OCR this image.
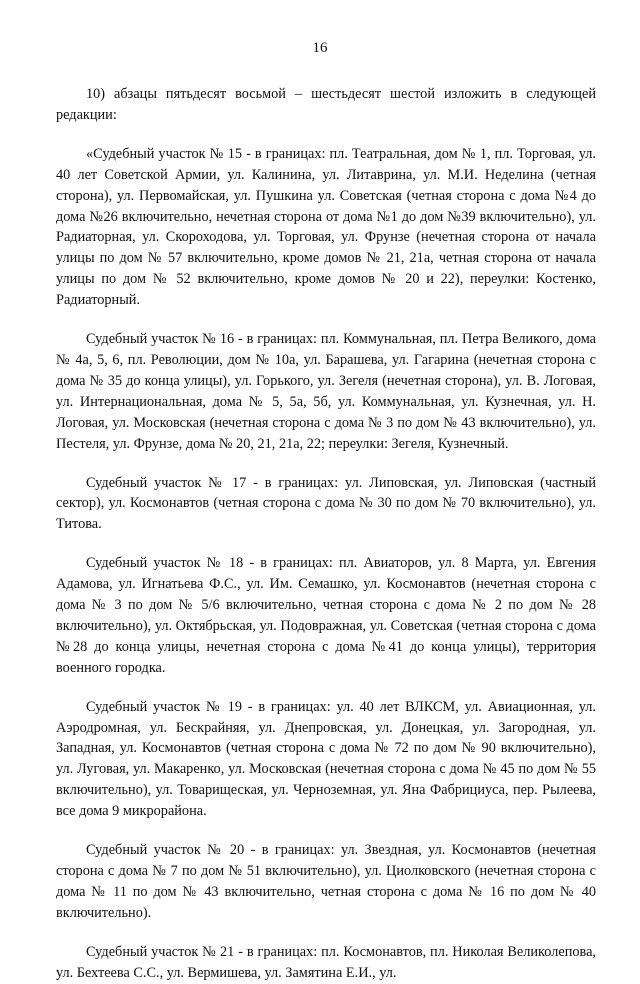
16

10) абзацы пятьдесят восьмой – шестьдесят шестой изложить в следующей редакции:

«Судебный участок № 15 - в границах: пл. Театральная, дом № 1, пл. Торговая, ул. 40 лет Советской Армии, ул. Калинина, ул. Литаврина, ул. М.И. Неделина (четная сторона), ул. Первомайская, ул. Пушкина ул. Советская (четная сторона с дома №4 до дома №26 включительно, нечетная сторона от дома №1 до дом №39 включительно), ул. Радиаторная, ул. Скороходова, ул. Торговая, ул. Фрунзе (нечетная сторона от начала улицы по дом № 57 включительно, кроме домов № 21, 21а, четная сторона от начала улицы по дом № 52 включительно, кроме домов № 20 и 22), переулки: Костенко, Радиаторный.

Судебный участок № 16 - в границах: пл. Коммунальная, пл. Петра Великого, дома № 4а, 5, 6, пл. Революции, дом № 10а, ул. Барашева, ул. Гагарина (нечетная сторона с дома № 35 до конца улицы), ул. Горького, ул. Зегеля (нечетная сторона), ул. В. Логовая, ул. Интернациональная, дома № 5, 5а, 5б, ул. Коммунальная, ул. Кузнечная, ул. Н. Логовая, ул. Московская (нечетная сторона с дома № 3 по дом № 43 включительно), ул. Пестеля, ул. Фрунзе, дома № 20, 21, 21а, 22; переулки: Зегеля, Кузнечный.

Судебный участок № 17 - в границах: ул. Липовская, ул. Липовская (частный сектор), ул. Космонавтов (четная сторона с дома № 30 по дом № 70 включительно), ул. Титова.

Судебный участок № 18 - в границах: пл. Авиаторов, ул. 8 Марта, ул. Евгения Адамова, ул. Игнатьева Ф.С., ул. Им. Семашко, ул. Космонавтов (нечетная сторона с дома № 3 по дом № 5/6 включительно, четная сторона с дома № 2 по дом № 28 включительно), ул. Октябрьская, ул. Подовражная, ул. Советская (четная сторона с дома №28 до конца улицы, нечетная сторона с дома №41 до конца улицы), территория военного городка.

Судебный участок № 19 - в границах: ул. 40 лет ВЛКСМ, ул. Авиационная, ул. Аэродромная, ул. Бескрайняя, ул. Днепровская, ул. Донецкая, ул. Загородная, ул. Западная, ул. Космонавтов (четная сторона с дома № 72 по дом № 90 включительно), ул. Луговая, ул. Макаренко, ул. Московская (нечетная сторона с дома № 45 по дом № 55 включительно), ул. Товарищеская, ул. Черноземная, ул. Яна Фабрициуса, пер. Рылеева, все дома 9 микрорайона.

Судебный участок № 20 - в границах: ул. Звездная, ул. Космонавтов (нечетная сторона с дома № 7 по дом № 51 включительно), ул. Циолковского (нечетная сторона с дома № 11 по дом № 43 включительно, четная сторона с дома № 16 по дом № 40 включительно).

Судебный участок № 21 - в границах: пл. Космонавтов, пл. Николая Великолепова, ул. Бехтеева С.С., ул. Вермишева, ул. Замятина Е.И., ул.
